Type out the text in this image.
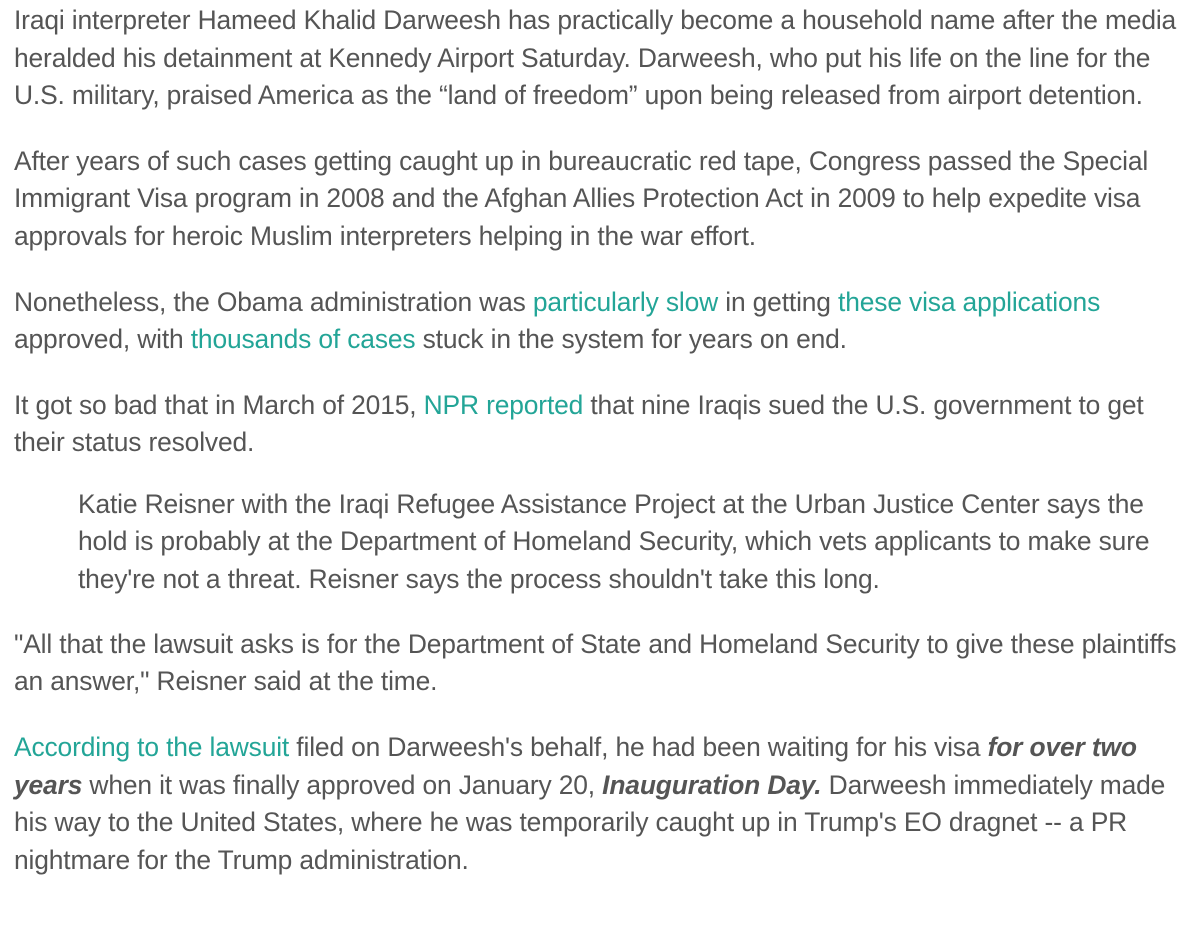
Iraqi interpreter Hameed Khalid Darweesh has practically become a household name after the media heralded his detainment at Kennedy Airport Saturday. Darweesh, who put his life on the line for the U.S. military, praised America as the “land of freedom” upon being released from airport detention.

After years of such cases getting caught up in bureaucratic red tape, Congress passed the Special Immigrant Visa program in 2008 and the Afghan Allies Protection Act in 2009 to help expedite visa approvals for heroic Muslim interpreters helping in the war effort.

Nonetheless, the Obama administration was particularly slow in getting these visa applications approved, with thousands of cases stuck in the system for years on end.

It got so bad that in March of 2015, NPR reported that nine Iraqis sued the U.S. government to get their status resolved.

Katie Reisner with the Iraqi Refugee Assistance Project at the Urban Justice Center says the hold is probably at the Department of Homeland Security, which vets applicants to make sure they're not a threat. Reisner says the process shouldn't take this long.

"All that the lawsuit asks is for the Department of State and Homeland Security to give these plaintiffs an answer," Reisner said at the time.

According to the lawsuit filed on Darweesh's behalf, he had been waiting for his visa for over two years when it was finally approved on January 20, Inauguration Day. Darweesh immediately made his way to the United States, where he was temporarily caught up in Trump's EO dragnet -- a PR nightmare for the Trump administration.
